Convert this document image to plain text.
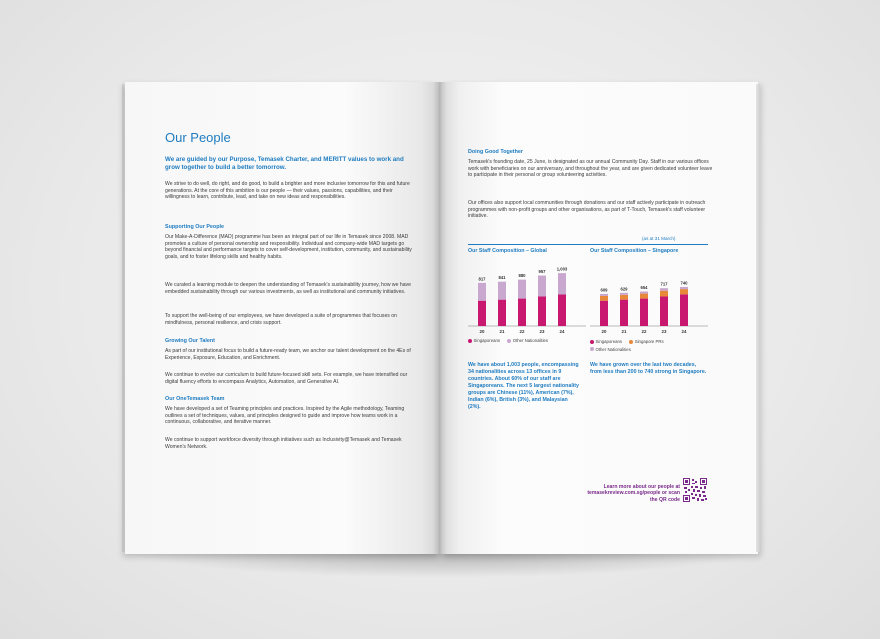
Our People

We are guided by our Purpose, Temasek Charter, and MERITT values to work and grow together to build a better tomorrow.

We strive to do well, do right, and do good, to build a brighter and more inclusive tomorrow for this and future generations. At the core of this ambition is our people — their values, passions, capabilities, and their willingness to learn, contribute, lead, and take on new ideas and responsibilities.

Supporting Our People

Our Make-A-Difference (MAD) programme has been an integral part of our life in Temasek since 2008. MAD promotes a culture of personal ownership and responsibility. Individual and company-wide MAD targets go beyond financial and performance targets to cover self-development, institution, community, and sustainability goals, and to foster lifelong skills and healthy habits.

We curated a learning module to deepen the understanding of Temasek's sustainability journey, how we have embedded sustainability through our various investments, as well as institutional and community initiatives.

To support the well-being of our employees, we have developed a suite of programmes that focuses on mindfulness, personal resilience, and crisis support.

Growing Our Talent

As part of our institutional focus to build a future-ready team, we anchor our talent development on the 4Es of Experience, Exposure, Education, and Enrichment.

We continue to evolve our curriculum to build future-focused skill sets. For example, we have intensified our digital fluency efforts to encompass Analytics, Automation, and Generative AI.

Our OneTemasek Team

We have developed a set of Teaming principles and practices. Inspired by the Agile methodology, Teaming outlines a set of techniques, values, and principles designed to guide and improve how teams work in a continuous, collaborative, and iterative manner.

We continue to support workforce diversity through initiatives such as Inclusivity@Temasek and Temasek Women's Network.

Doing Good Together

Temasek's founding date, 25 June, is designated as our annual Community Day. Staff in our various offices work with beneficiaries on our anniversary, and throughout the year, and are given dedicated volunteer leave to participate in their personal or group volunteering activities.

Our offices also support local communities through donations and our staff actively participate in outreach programmes with non-profit groups and other organisations, as part of T-Touch, Temasek's staff volunteer initiative.

(as at 31 March)

Our Staff Composition – Global	Our Staff Composition – Singapore

817
20
841
21
880
22
957
23
1,003
24
609
20
629
21
654
22
717
23
740
24
Singaporeans	Other Nationalities	Singaporeans	Singapore PRs
Other Nationalities

We have about 1,003 people, encompassing 34 nationalities across 13 offices in 9 countries. About 60% of our staff are Singaporeans. The next 5 largest nationality groups are Chinese (11%), American (7%), Indian (6%), British (3%), and Malaysian (2%).

We have grown over the last two decades, from less than 200 to 740 strong in Singapore.

Learn more about our people at temasekreview.com.sg/people or scan the QR code
